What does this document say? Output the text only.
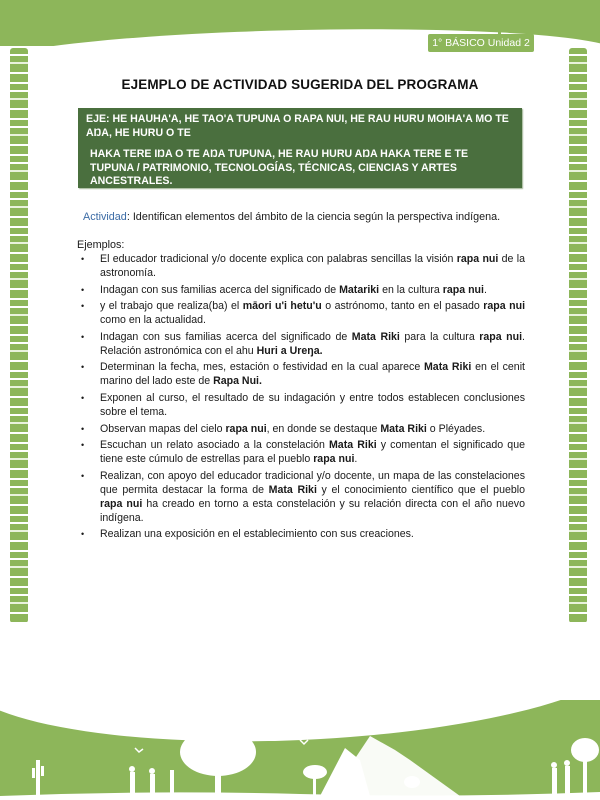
1° BÁSICO Unidad 2
EJEMPLO DE ACTIVIDAD SUGERIDA DEL PROGRAMA
EJE: HE HAUHA'A, HE TAO'A TUPUNA O RAPA NUI, HE RAU HURU MOIHA'A MO TE AŊA, HE HURU O TE
HAKA TERE IŊA O TE AŊA TUPUNA, HE RAU HURU AŊA HAKA TERE E TE TUPUNA / PATRIMONIO, TECNOLOGÍAS, TÉCNICAS, CIENCIAS Y ARTES ANCESTRALES.
Actividad: Identifican elementos del ámbito de la ciencia según la perspectiva indígena.
Ejemplos:
• El educador tradicional y/o docente explica con palabras sencillas la visión rapa nui de la astronomía.
• Indagan con sus familias acerca del significado de Matariki en la cultura rapa nui.
• y el trabajo que realiza(ba) el māori u'i hetu'u o astrónomo, tanto en el pasado rapa nui como en la actualidad.
• Indagan con sus familias acerca del significado de Mata Riki para la cultura rapa nui. Relación astronómica con el ahu Huri a Ureŋa.
• Determinan la fecha, mes, estación o festividad en la cual aparece Mata Riki en el cenit marino del lado este de Rapa Nui.
• Exponen al curso, el resultado de su indagación y entre todos establecen conclusiones sobre el tema.
• Observan mapas del cielo rapa nui, en donde se destaque Mata Riki o Pléyades.
• Escuchan un relato asociado a la constelación Mata Riki y comentan el significado que tiene este cúmulo de estrellas para el pueblo rapa nui.
• Realizan, con apoyo del educador tradicional y/o docente, un mapa de las constelaciones que permita destacar la forma de Mata Riki y el conocimiento científico que el pueblo rapa nui ha creado en torno a esta constelación y su relación directa con el año nuevo indígena.
• Realizan una exposición en el establecimiento con sus creaciones.
